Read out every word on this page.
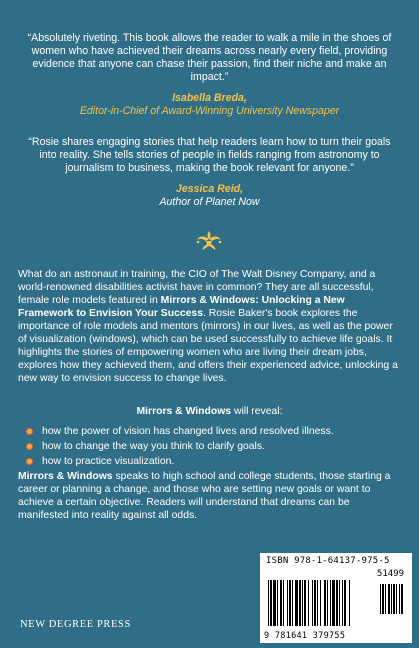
“Absolutely riveting. This book allows the reader to walk a mile in the shoes of women who have achieved their dreams across nearly every field, providing evidence that anyone can chase their passion, find their niche and make an impact.”
Isabella Breda,
Editor-in-Chief of Award-Winning University Newspaper
“Rosie shares engaging stories that help readers learn how to turn their goals into reality. She tells stories of people in fields ranging from astronomy to journalism to business, making the book relevant for anyone.”
Jessica Reid,
Author of Planet Now
What do an astronaut in training, the CIO of The Walt Disney Company, and a world-renowned disabilities activist have in common? They are all successful, female role models featured in Mirrors & Windows: Unlocking a New Framework to Envision Your Success. Rosie Baker's book explores the importance of role models and mentors (mirrors) in our lives, as well as the power of visualization (windows), which can be used successfully to achieve life goals. It highlights the stories of empowering women who are living their dream jobs, explores how they achieved them, and offers their experienced advice, unlocking a new way to envision success to change lives.
Mirrors & Windows will reveal:
how the power of vision has changed lives and resolved illness.
how to change the way you think to clarify goals.
how to practice visualization.
Mirrors & Windows speaks to high school and college students, those starting a career or planning a change, and those who are setting new goals or want to achieve a certain objective. Readers will understand that dreams can be manifested into reality against all odds.
NEW DEGREE PRESS
ISBN 978-1-64137-975-5
51499
9 781641 379755
